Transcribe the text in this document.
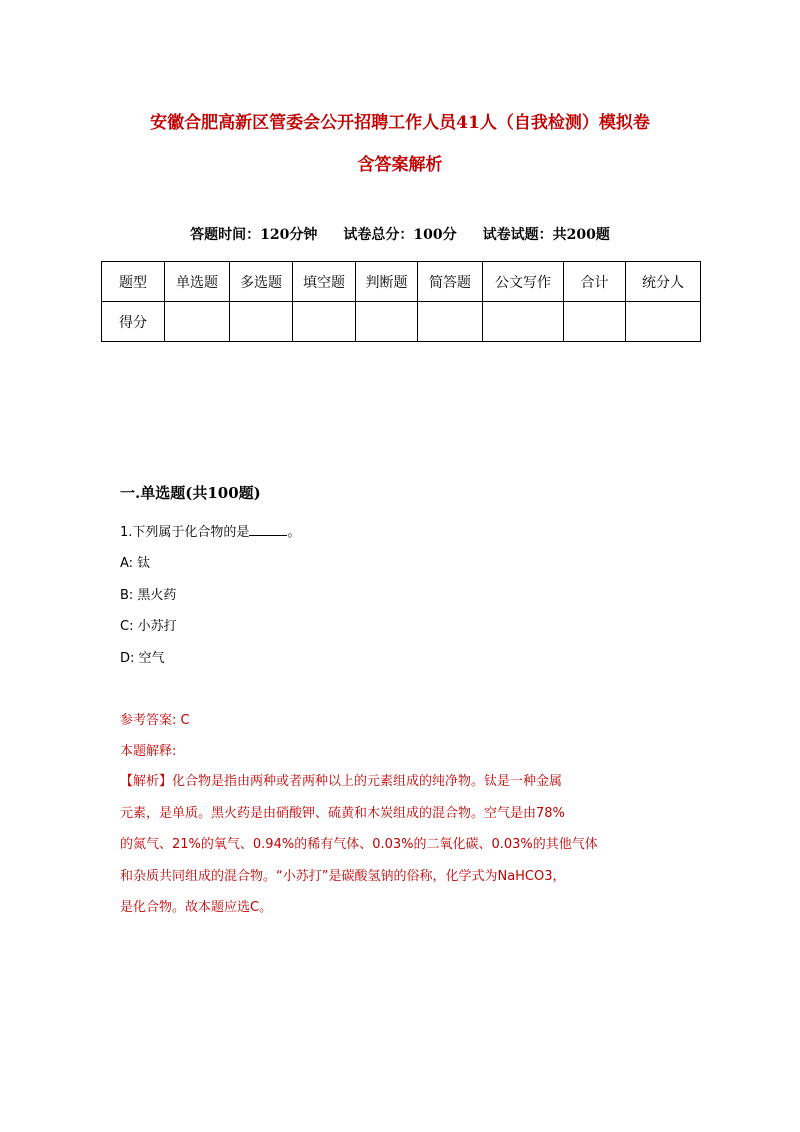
安徽合肥高新区管委会公开招聘工作人员41人（自我检测）模拟卷
含答案解析
答题时间：120分钟 试卷总分：100分 试卷试题：共200题
题型	单选题	多选题	填空题	判断题	简答题	公文写作	合计	统分人
得分								
一.单选题(共100题)
1.下列属于化合物的是	。
A: 钛
B: 黑火药
C: 小苏打
D: 空气
参考答案: C
本题解释:
【解析】化合物是指由两种或者两种以上的元素组成的纯净物。钛是一种金属
元素，是单质。黑火药是由硝酸钾、硫黄和木炭组成的混合物。空气是由78%
的氮气、21%的氧气、0.94%的稀有气体、0.03%的二氧化碳、0.03%的其他气体
和杂质共同组成的混合物。“小苏打”是碳酸氢钠的俗称，化学式为NaHCO3，
是化合物。故本题应选C。
